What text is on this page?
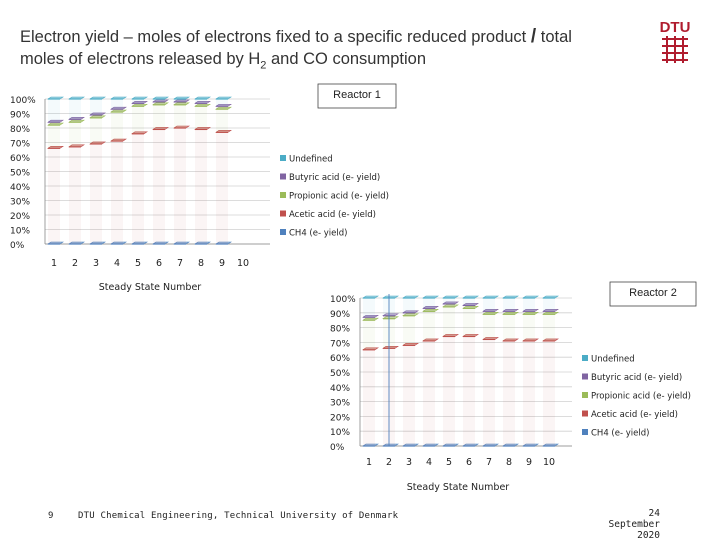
Electron yield – moles of electrons fixed to a specific reduced product / total
moles of electrons released by $H_2$ and CO consumption
DTU
0%
10%
20%
30%
40%
50%
60%
70%
80%
90%
100%
1 2 3 4 5 6 7 8 9 10
Steady State Number
Reactor 1
Undefined
Butyric acid (e- yield)
Propionic acid (e- yield)
Acetic acid (e- yield)
CH4 (e- yield)
0%
10%
20%
30%
40%
50%
60%
70%
80%
90%
100%
1 2 3 4 5 6 7 8 9 10
Steady State Number
Reactor 2
Undefined
Butyric acid (e- yield)
Propionic acid (e- yield)
Acetic acid (e- yield)
CH4 (e- yield)
9	DTU Chemical Engineering, Technical University of Denmark	24
September
2020
